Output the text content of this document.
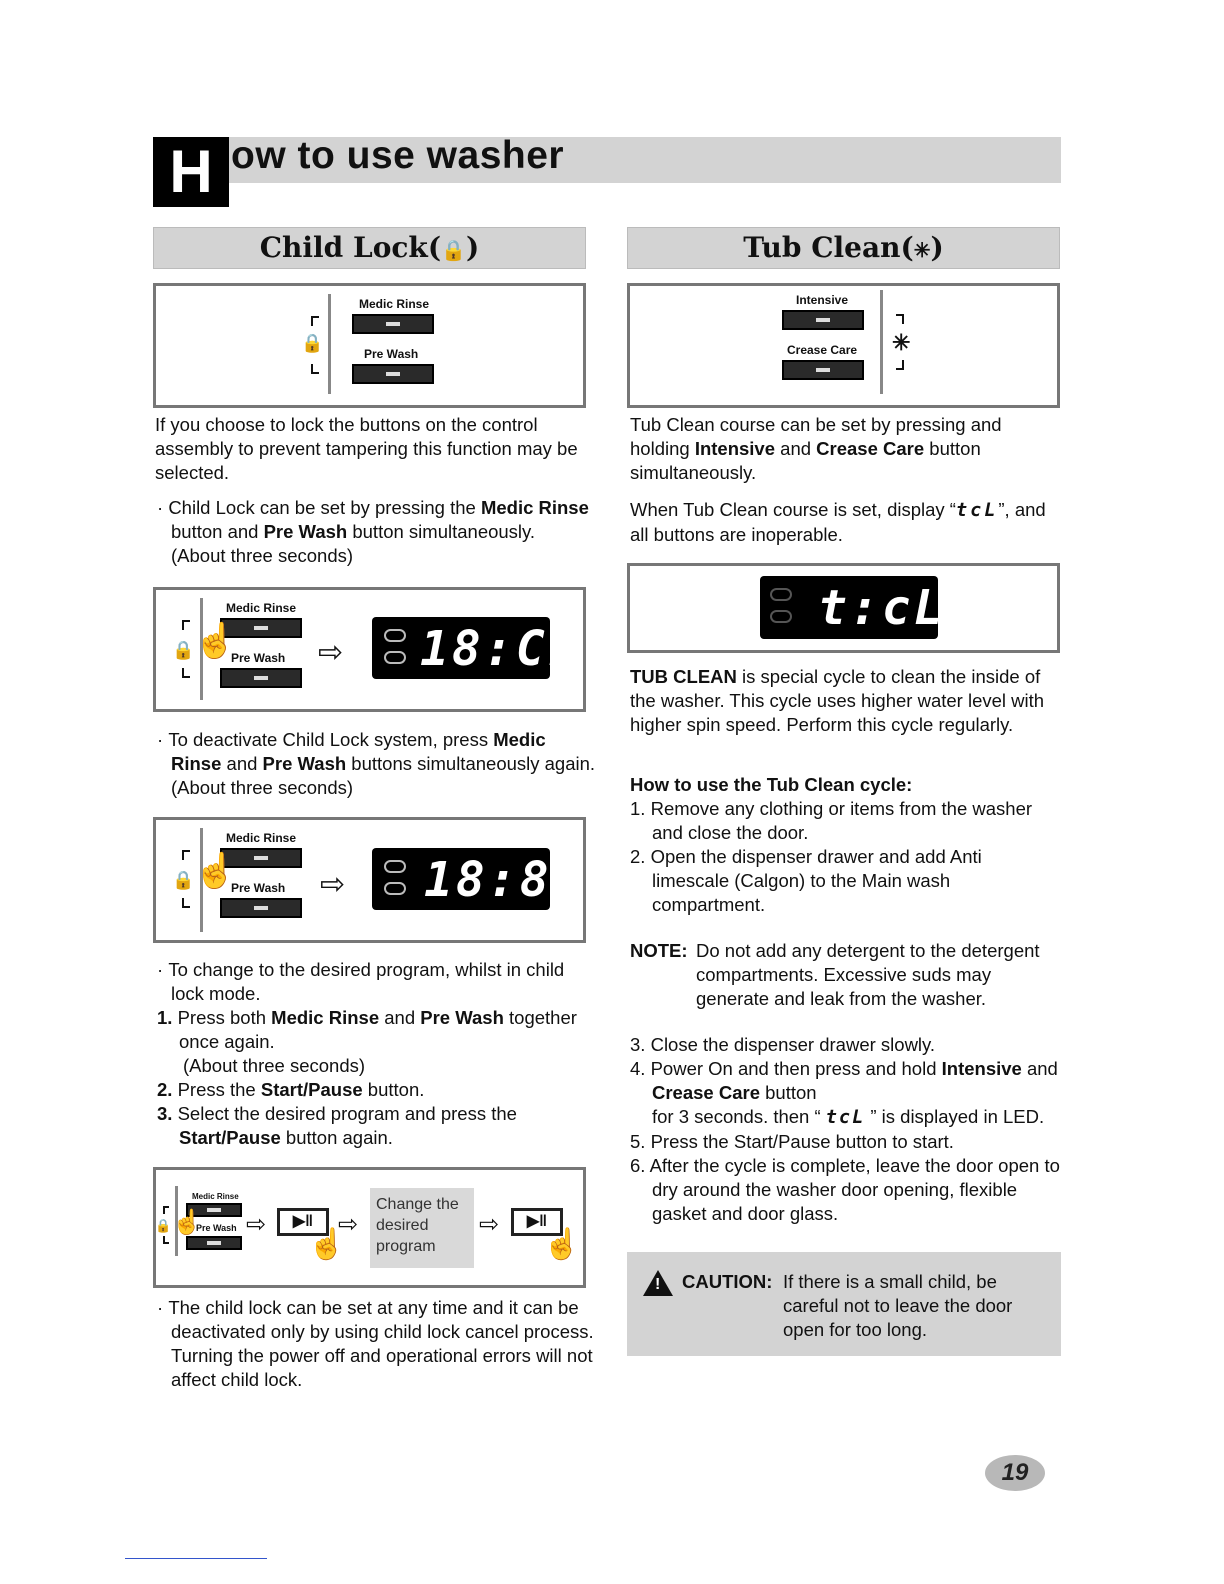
H ow to use washer
Child Lock(🔒)	Tub Clean(✳)
Medic Rinse
Pre Wash
🔒

If you choose to lock the buttons on the control assembly to prevent tampering this function may be selected.

· Child Lock can be set by pressing the Medic Rinse button and Pre Wash button simultaneously. (About three seconds)
Medic Rinse
Pre Wash
🔒 ☝	⇨ 18:CL
· To deactivate Child Lock system, press Medic Rinse and Pre Wash buttons simultaneously again. (About three seconds)
Medic Rinse
Pre Wash
🔒 ☝	⇨ 18:88

· To change to the desired program, whilst in child lock mode.

1. Press both Medic Rinse and Pre Wash together once again.

(About three seconds)

2. Press the Start/Pause button.

3. Select the desired program and press the Start/Pause button again.

Medic Rinse
Pre Wash
🔒 ☝ ⇨	▶‖
☝
⇨
Change the desired program
⇨	▶‖
☝
· The child lock can be set at any time and it can be deactivated only by using child lock cancel process. Turning the power off and operational errors will not affect child lock.
Intensive
Crease Care ✳
Tub Clean course can be set by pressing and holding Intensive and Crease Care button simultaneously.
When Tub Clean course is set, display “tcL”, and all buttons are inoperable.
t:cL
TUB CLEAN is special cycle to clean the inside of the washer. This cycle uses higher water level with higher spin speed. Perform this cycle regularly.

How to use the Tub Clean cycle:

1. Remove any clothing or items from the washer and close the door.

2. Open the dispenser drawer and add Anti limescale (Calgon) to the Main wash compartment.

NOTE: Do not add any detergent to the detergent compartments. Excessive suds may generate and leak from the washer.

3. Close the dispenser drawer slowly.

4. Power On and then press and hold Intensive and Crease Care button

for 3 seconds. then “ tcL ” is displayed in LED.

5. Press the Start/Pause button to start.

6. After the cycle is complete, leave the door open to dry around the washer door opening, flexible gasket and door glass.

!
CAUTION: If there is a small child, be careful not to leave the door open for too long.
19
